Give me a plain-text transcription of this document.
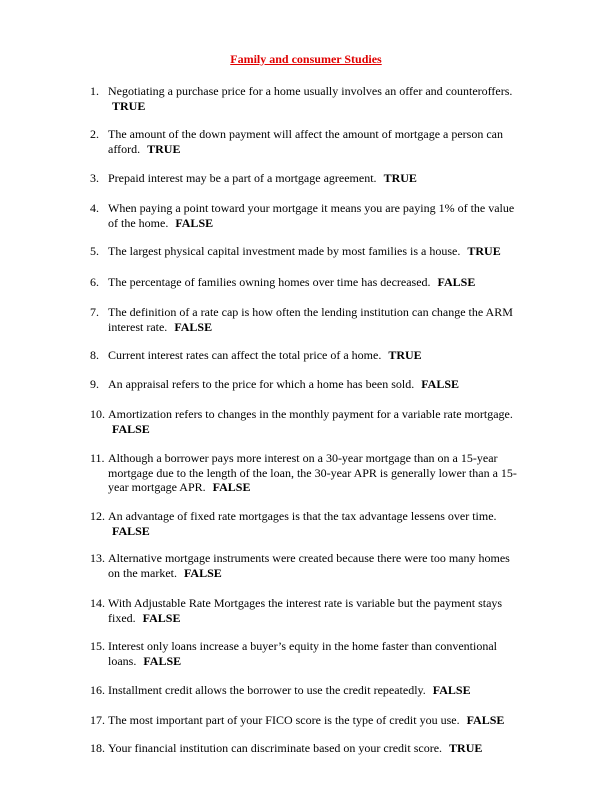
Family and consumer Studies
1. Negotiating a purchase price for a home usually involves an offer and counteroffers. TRUE
2. The amount of the down payment will affect the amount of mortgage a person can afford. TRUE
3. Prepaid interest may be a part of a mortgage agreement. TRUE
4. When paying a point toward your mortgage it means you are paying 1% of the value of the home. FALSE
5. The largest physical capital investment made by most families is a house. TRUE
6. The percentage of families owning homes over time has decreased. FALSE
7. The definition of a rate cap is how often the lending institution can change the ARM interest rate. FALSE
8. Current interest rates can affect the total price of a home. TRUE
9. An appraisal refers to the price for which a home has been sold. FALSE
10. Amortization refers to changes in the monthly payment for a variable rate mortgage. FALSE
11. Although a borrower pays more interest on a 30-year mortgage than on a 15-year mortgage due to the length of the loan, the 30-year APR is generally lower than a 15-year mortgage APR. FALSE
12. An advantage of fixed rate mortgages is that the tax advantage lessens over time. FALSE
13. Alternative mortgage instruments were created because there were too many homes on the market. FALSE
14. With Adjustable Rate Mortgages the interest rate is variable but the payment stays fixed. FALSE
15. Interest only loans increase a buyer’s equity in the home faster than conventional loans. FALSE
16. Installment credit allows the borrower to use the credit repeatedly. FALSE
17. The most important part of your FICO score is the type of credit you use. FALSE
18. Your financial institution can discriminate based on your credit score. TRUE
